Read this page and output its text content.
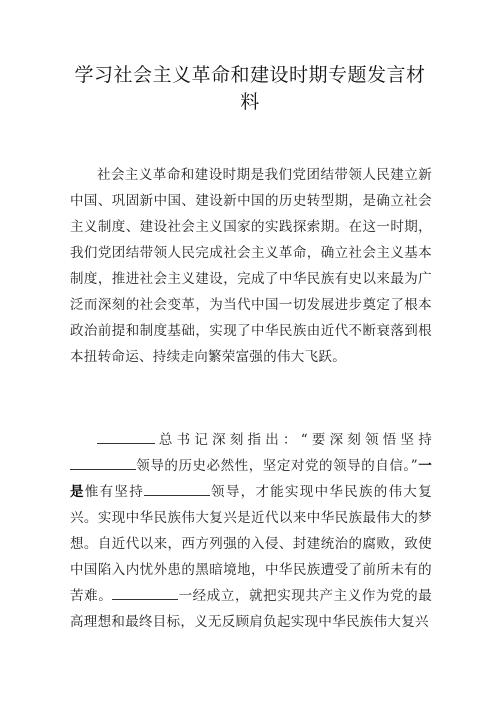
学习社会主义革命和建设时期专题发言材料

社会主义革命和建设时期是我们党团结带领人民建立新中国、巩固新中国、建设新中国的历史转型期，是确立社会主义制度、建设社会主义国家的实践探索期。在这一时期，我们党团结带领人民完成社会主义革命，确立社会主义基本制度，推进社会主义建设，完成了中华民族有史以来最为广泛而深刻的社会变革，为当代中国一切发展进步奠定了根本政治前提和制度基础，实现了中华民族由近代不断衰落到根本扭转命运、持续走向繁荣富强的伟大飞跃。

总书记深刻指出：“要深刻领悟坚持领导的历史必然性，坚定对党的领导的自信。”一是惟有坚持	领导，才能实现中华民族的伟大复兴。实现中华民族伟大复兴是近代以来中华民族最伟大的梦想。自近代以来，西方列强的入侵、封建统治的腐败，致使中国陷入内忧外患的黑暗境地，中华民族遭受了前所未有的苦难。	一经成立，就把实现共产主义作为党的最高理想和最终目标，义无反顾肩负起实现中华民族伟大复兴
